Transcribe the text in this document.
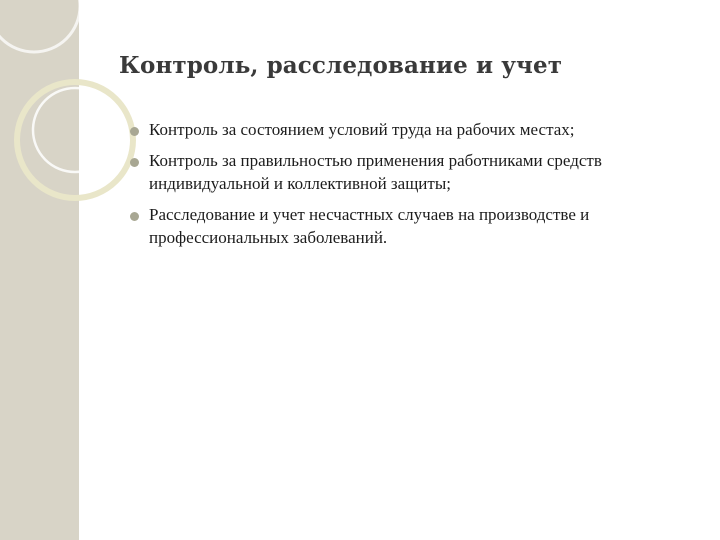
Контроль, расследование и учет
Контроль за состоянием условий труда на рабочих местах;
Контроль за правильностью применения работниками средств индивидуальной и коллективной защиты;
Расследование и учет несчастных случаев на производстве и профессиональных заболеваний.
